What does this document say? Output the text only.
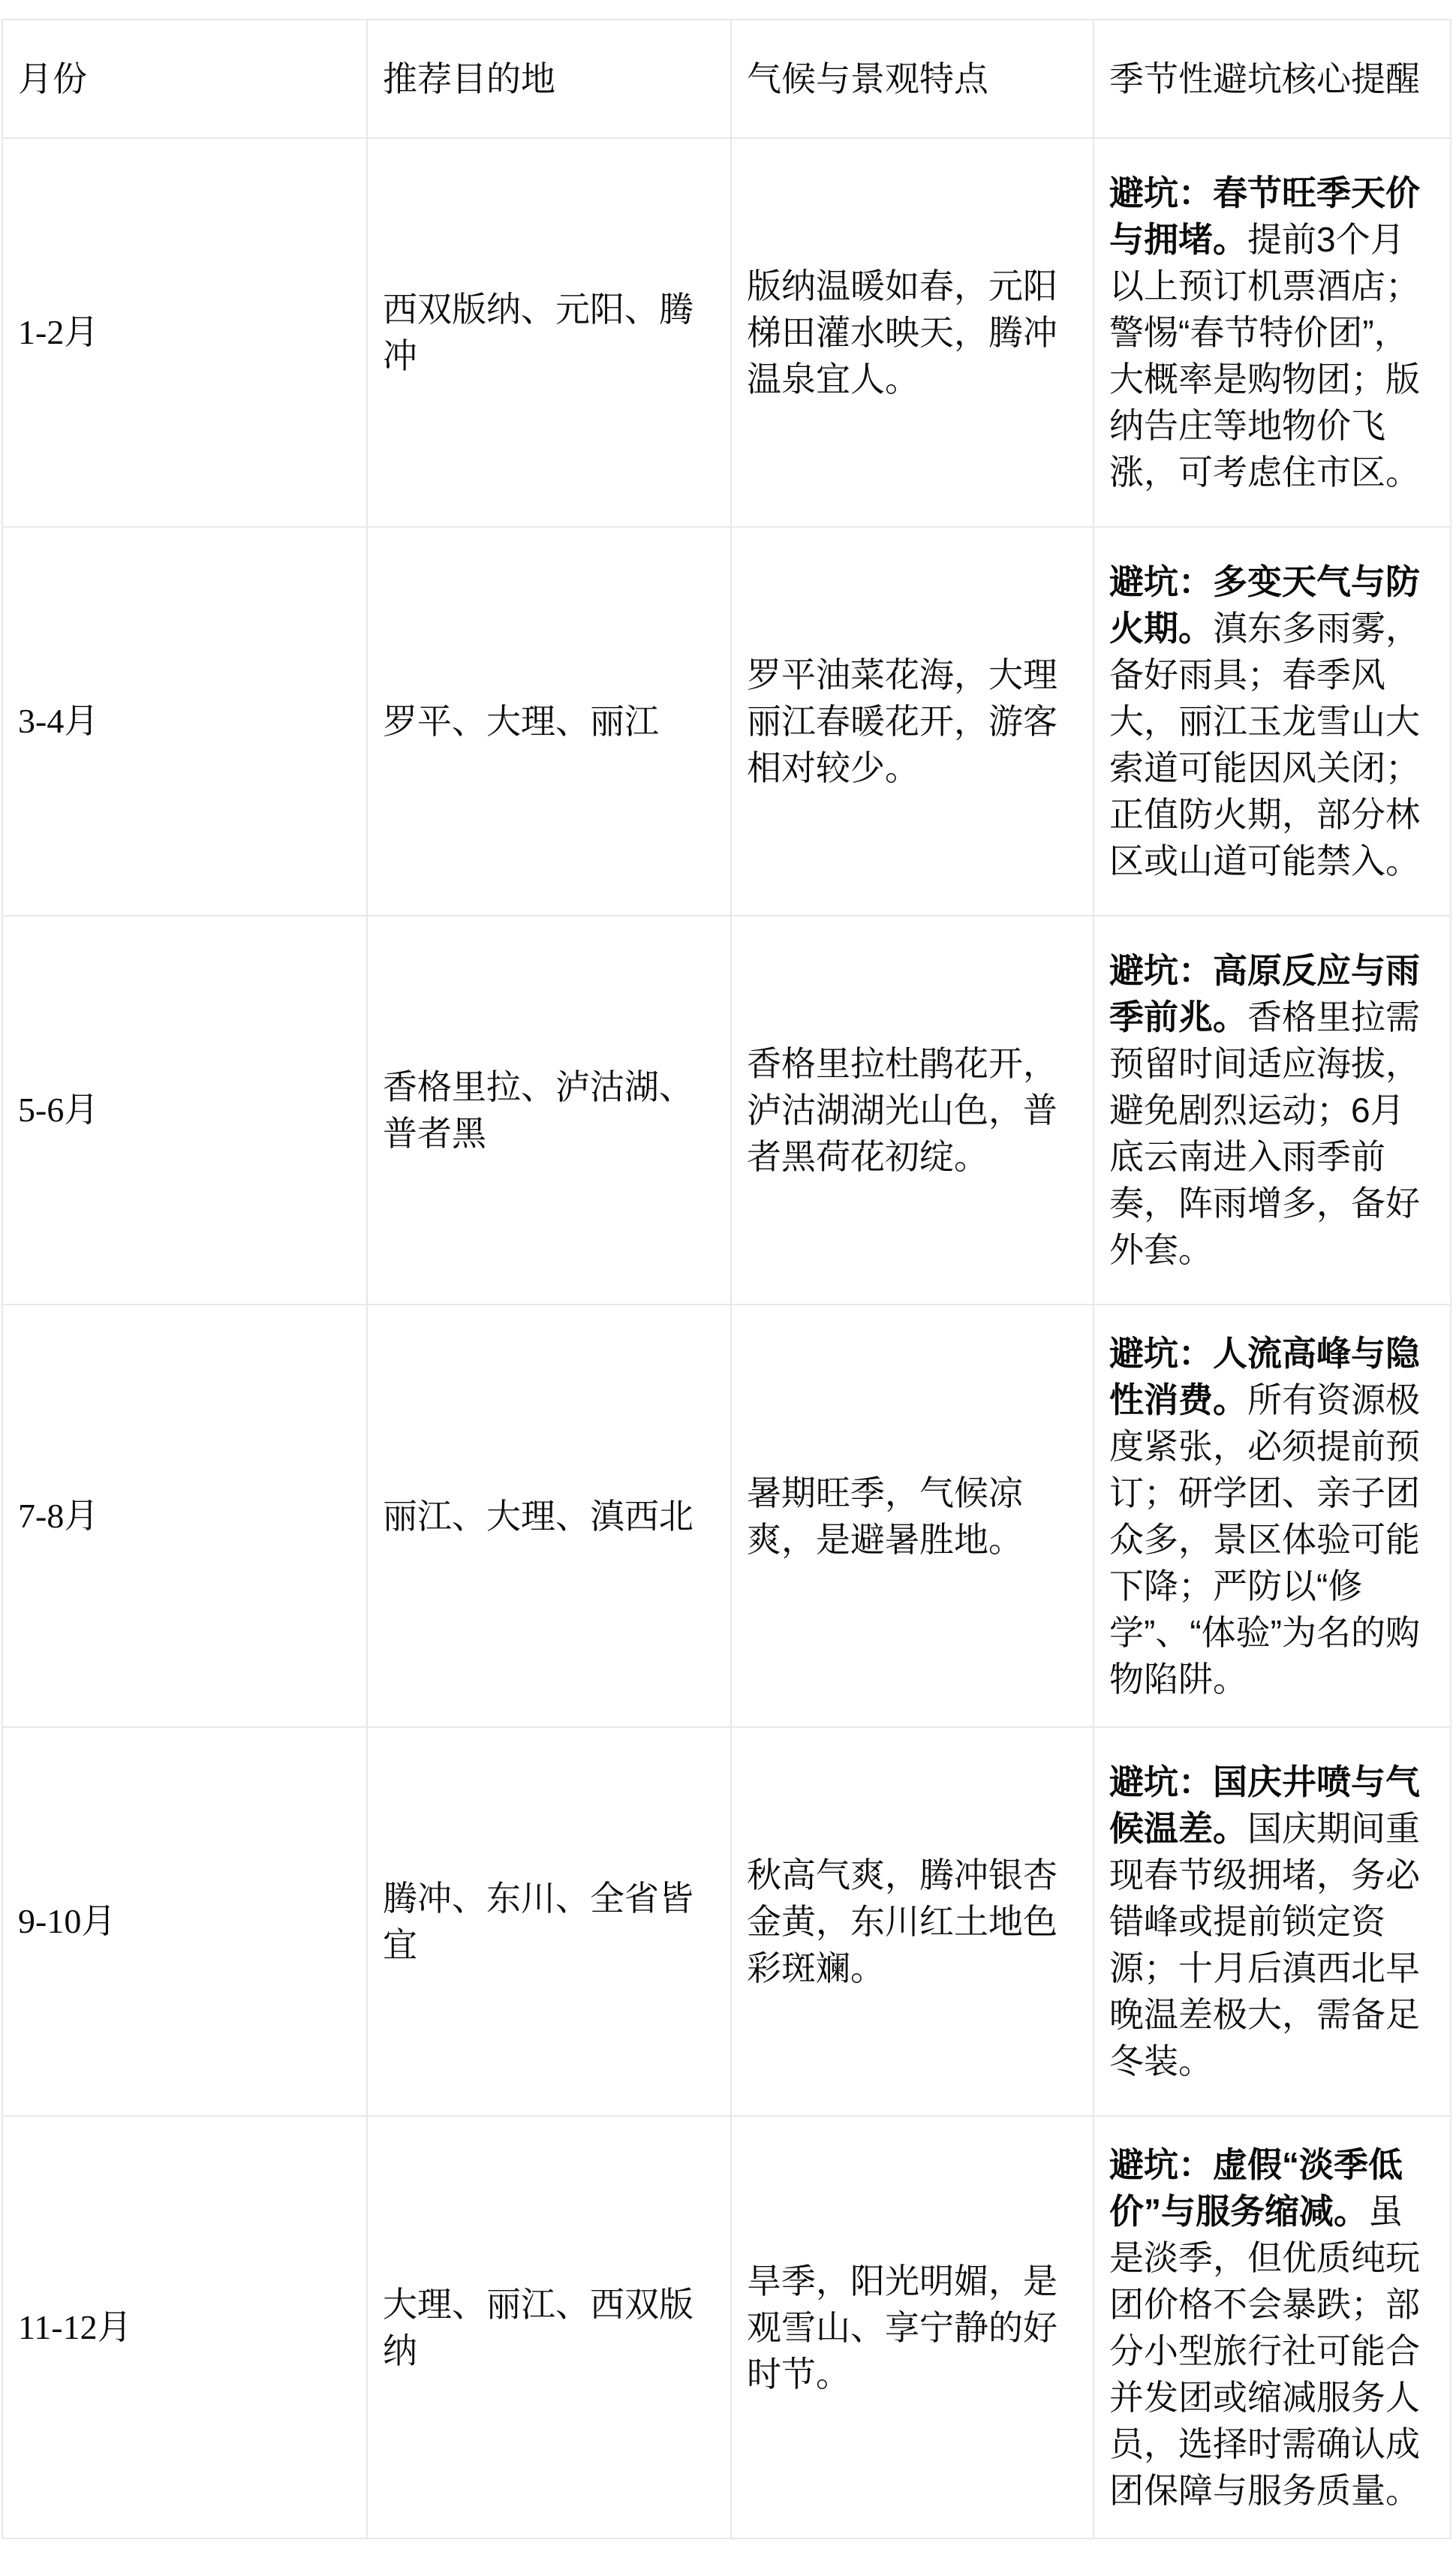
月份	推荐目的地	气候与景观特点	季节性避坑核心提醒
1-2月	西双版纳、元阳、腾冲	版纳温暖如春，元阳梯田灌水映天，腾冲温泉宜人。	避坑：春节旺季天价与拥堵。提前3个月以上预订机票酒店；警惕“春节特价团”，大概率是购物团；版纳告庄等地物价飞涨，可考虑住市区。
3-4月	罗平、大理、丽江	罗平油菜花海，大理丽江春暖花开，游客相对较少。	避坑：多变天气与防火期。滇东多雨雾，备好雨具；春季风大，丽江玉龙雪山大索道可能因风关闭；正值防火期，部分林区或山道可能禁入。
5-6月	香格里拉、泸沽湖、普者黑	香格里拉杜鹃花开，泸沽湖湖光山色，普者黑荷花初绽。	避坑：高原反应与雨季前兆。香格里拉需预留时间适应海拔，避免剧烈运动；6月底云南进入雨季前奏，阵雨增多，备好外套。
7-8月	丽江、大理、滇西北	暑期旺季，气候凉爽，是避暑胜地。	避坑：人流高峰与隐性消费。所有资源极度紧张，必须提前预订；研学团、亲子团众多，景区体验可能下降；严防以“修学”、“体验”为名的购物陷阱。
9-10月	腾冲、东川、全省皆宜	秋高气爽，腾冲银杏金黄，东川红土地色彩斑斓。	避坑：国庆井喷与气候温差。国庆期间重现春节级拥堵，务必错峰或提前锁定资源；十月后滇西北早晚温差极大，需备足冬装。
11-12月	大理、丽江、西双版纳	旱季，阳光明媚，是观雪山、享宁静的好时节。	避坑：虚假“淡季低价”与服务缩减。虽是淡季，但优质纯玩团价格不会暴跌；部分小型旅行社可能合并发团或缩减服务人员，选择时需确认成团保障与服务质量。
